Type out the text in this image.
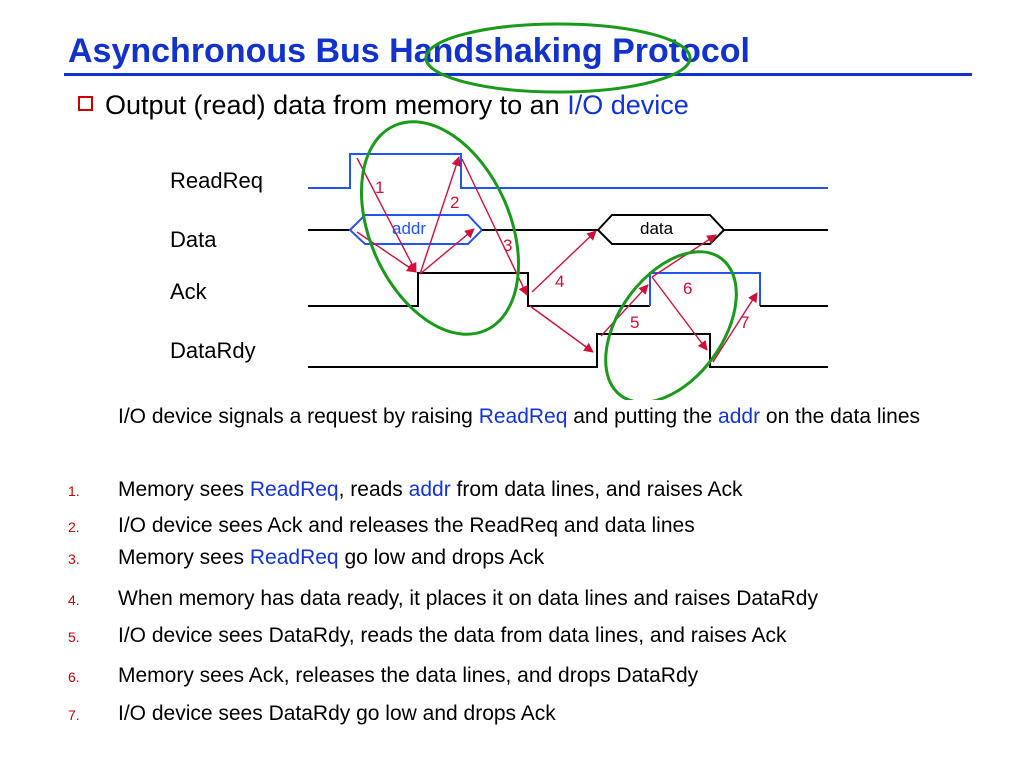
Asynchronous Bus Handshaking Protocol
Output (read) data from memory to an I/O device
ReadReq
Data
Ack
DataRdy
1
2
3
4
5
6
7
addr	data

I/O device signals a request by raising ReadReq and putting the addr on the data lines

1. Memory sees ReadReq, reads addr from data lines, and raises Ack
2. I/O device sees Ack and releases the ReadReq and data lines
3. Memory sees ReadReq go low and drops Ack
4. When memory has data ready, it places it on data lines and raises DataRdy
5. I/O device sees DataRdy, reads the data from data lines, and raises Ack
6. Memory sees Ack, releases the data lines, and drops DataRdy
7. I/O device sees DataRdy go low and drops Ack
